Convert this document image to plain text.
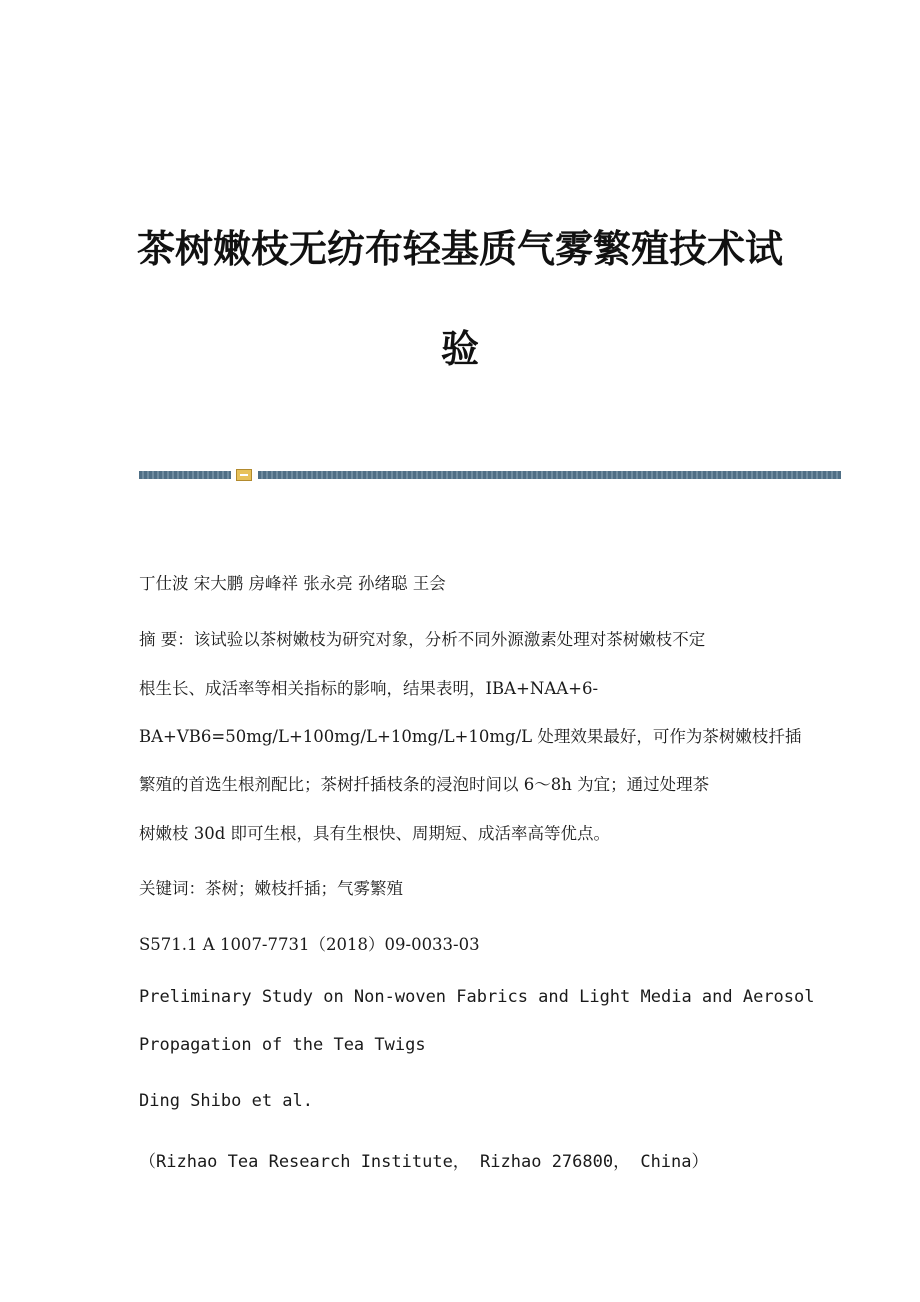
茶树嫩枝无纺布轻基质气雾繁殖技术试
验
丁仕波 宋大鹏 房峰祥 张永亮 孙绪聪 王会
摘 要：该试验以茶树嫩枝为研究对象，分析不同外源激素处理对茶树嫩枝不定
根生长、成活率等相关指标的影响，结果表明，IBA+NAA+6-
BA+VB6=50mg/L+100mg/L+10mg/L+10mg/L 处理效果最好，可作为茶树嫩枝扦插
繁殖的首选生根剂配比；茶树扦插枝条的浸泡时间以 6～8h 为宜；通过处理茶
树嫩枝 30d 即可生根，具有生根快、周期短、成活率高等优点。
关键词：茶树；嫩枝扦插；气雾繁殖
S571.1 A 1007-7731（2018）09-0033-03
Preliminary Study on Non-woven Fabrics and Light Media and Aerosol
Propagation of the Tea Twigs
Ding Shibo et al.
（Rizhao Tea Research Institute， Rizhao 276800， China）
